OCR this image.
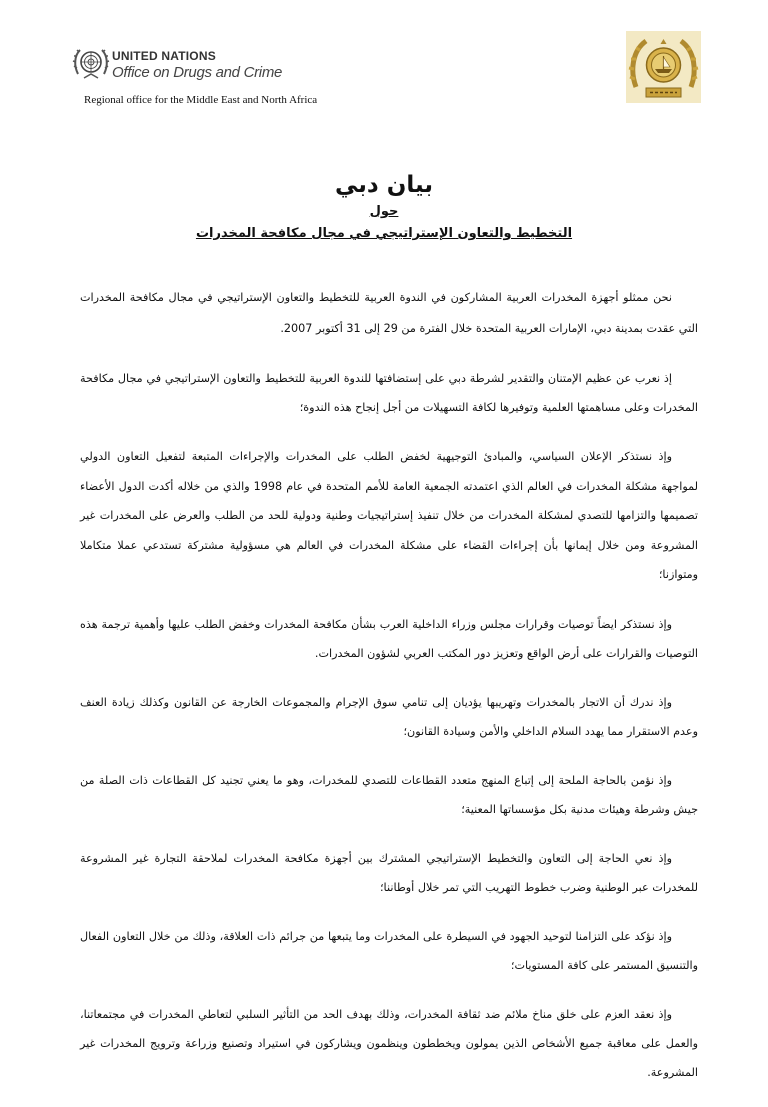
UNITED NATIONS
Office on Drugs and Crime
Regional office for the Middle East and North Africa

بيان دبي

حول

التخطيط والتعاون الإستراتيجي في مجال مكافحة المخدرات

نحن ممثلو أجهزة المخدرات العربية المشاركون في الندوة العربية للتخطيط والتعاون الإستراتيجي في مجال مكافحة المخدرات التي عقدت بمدينة دبي، الإمارات العربية المتحدة خلال الفترة من 29 إلى 31 أكتوبر 2007.

إذ نعرب عن عظيم الإمتنان والتقدير لشرطة دبي على إستضافتها للندوة العربية للتخطيط والتعاون الإستراتيجي في مجال مكافحة المخدرات وعلى مساهمتها العلمية وتوفيرها لكافة التسهيلات من أجل إنجاح هذه الندوة؛

وإذ نستذكر الإعلان السياسي، والمبادئ التوجيهية لخفض الطلب على المخدرات والإجراءات المتبعة لتفعيل التعاون الدولي لمواجهة مشكلة المخدرات في العالم الذي اعتمدته الجمعية العامة للأمم المتحدة في عام 1998 والذي من خلاله أكدت الدول الأعضاء تصميمها والتزامها للتصدي لمشكلة المخدرات من خلال تنفيذ إستراتيجيات وطنية ودولية للحد من الطلب والعرض على المخدرات غير المشروعة ومن خلال إيمانها بأن إجراءات القضاء على مشكلة المخدرات في العالم هي مسؤولية مشتركة تستدعي عملا متكاملا ومتوازنا؛

وإذ نستذكر ايضاً توصيات وقرارات مجلس وزراء الداخلية العرب بشأن مكافحة المخدرات وخفض الطلب عليها وأهمية ترجمة هذه التوصيات والقرارات على أرض الواقع وتعزيز دور المكتب العربي لشؤون المخدرات.

وإذ ندرك أن الاتجار بالمخدرات وتهريبها يؤديان إلى تنامي سوق الإجرام والمجموعات الخارجة عن القانون وكذلك زيادة العنف وعدم الاستقرار مما يهدد السلام الداخلي والأمن وسيادة القانون؛

وإذ نؤمن بالحاجة الملحة إلى إتباع المنهج متعدد القطاعات للتصدي للمخدرات، وهو ما يعني تجنيد كل القطاعات ذات الصلة من جيش وشرطة وهيئات مدنية بكل مؤسساتها المعنية؛

وإذ نعي الحاجة إلى التعاون والتخطيط الإستراتيجي المشترك بين أجهزة مكافحة المخدرات لملاحقة التجارة غير المشروعة للمخدرات عبر الوطنية وضرب خطوط التهريب التي تمر خلال أوطاننا؛

وإذ نؤكد على التزامنا لتوحيد الجهود في السيطرة على المخدرات وما يتبعها من جرائم ذات العلاقة، وذلك من خلال التعاون الفعال والتنسيق المستمر على كافة المستويات؛

وإذ نعقد العزم على خلق مناخ ملائم ضد ثقافة المخدرات، وذلك بهدف الحد من التأثير السلبي لتعاطي المخدرات في مجتمعاتنا، والعمل على معاقبة جميع الأشخاص الذين يمولون ويخططون وينظمون ويشاركون في استيراد وتصنيع وزراعة وترويج المخدرات غير المشروعة.
